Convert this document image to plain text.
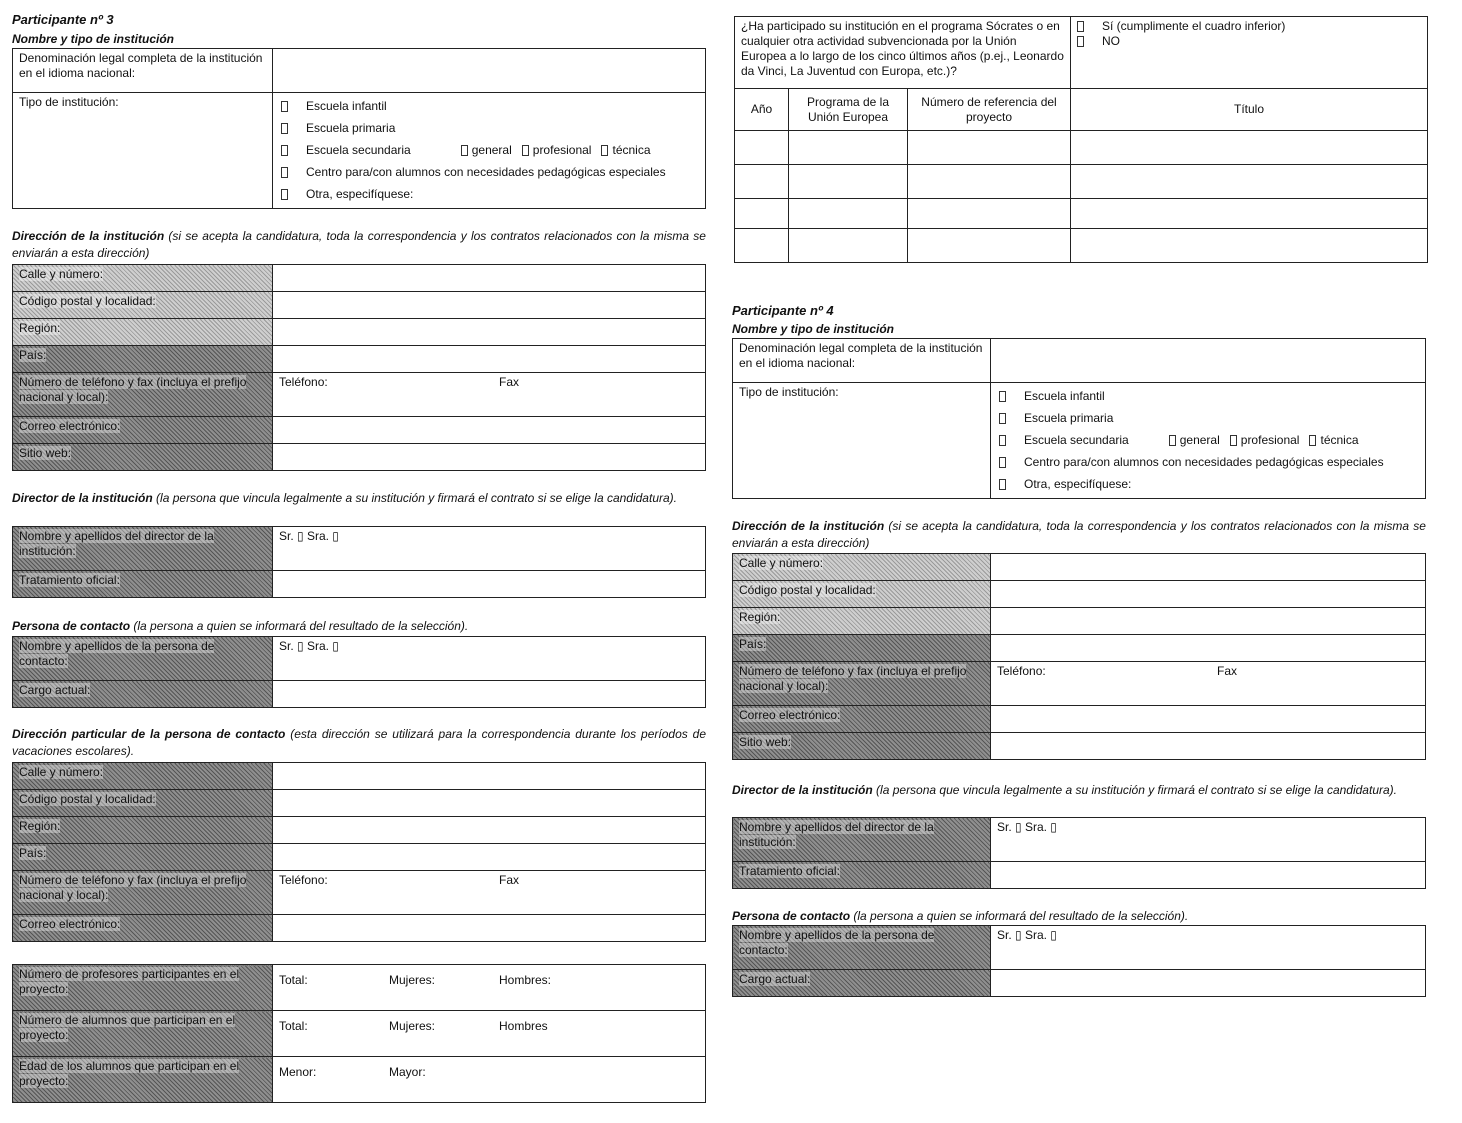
Participante nº 3
Nombre y tipo de institución
Denominación legal completa de la institución en el idioma nacional:	
Tipo de institución:	Escuela infantil
Escuela primaria
Escuela secundaria general profesional técnica
Centro para/con alumnos con necesidades pedagógicas especiales
Otra, especifíquese:
Dirección de la institución (si se acepta la candidatura, toda la correspondencia y los contratos relacionados con la misma se enviarán a esta dirección)
Calle y número:	
Código postal y localidad:	
Región:	
País:	
Número de teléfono y fax (incluya el prefijo nacional y local):	Teléfono: Fax
Correo electrónico:	
Sitio web:	
Director de la institución (la persona que vincula legalmente a su institución y firmará el contrato si se elige la candidatura).
Nombre y apellidos del director de la institución:	Sr. ▯ Sra. ▯
Tratamiento oficial:	
Persona de contacto (la persona a quien se informará del resultado de la selección).
Nombre y apellidos de la persona de contacto:	Sr. ▯ Sra. ▯
Cargo actual:	
Dirección particular de la persona de contacto (esta dirección se utilizará para la correspondencia durante los períodos de vacaciones escolares).
Calle y número:	
Código postal y localidad:	
Región:	
País:	
Número de teléfono y fax (incluya el prefijo nacional y local):	Teléfono: Fax
Correo electrónico:	
Número de profesores participantes en el proyecto:	Total: Mujeres: Hombres:
Número de alumnos que participan en el proyecto:	Total: Mujeres: Hombres
Edad de los alumnos que participan en el proyecto:	Menor: Mayor:
¿Ha participado su institución en el programa Sócrates o en cualquier otra actividad subvencionada por la Unión Europea a lo largo de los cinco últimos años (p.ej., Leonardo da Vinci, La Juventud con Europa, etc.)?	
Sí (cumplimente el cuadro inferior)
NO
Año	Programa de la Unión Europea	Número de referencia del proyecto	Título

Participante nº 4
Nombre y tipo de institución
Denominación legal completa de la institución en el idioma nacional:	
Tipo de institución:	Escuela infantil
Escuela primaria
Escuela secundaria general profesional técnica
Centro para/con alumnos con necesidades pedagógicas especiales
Otra, especifíquese:
Dirección de la institución (si se acepta la candidatura, toda la correspondencia y los contratos relacionados con la misma se enviarán a esta dirección)
Calle y número:	
Código postal y localidad:	
Región:	
País:	
Número de teléfono y fax (incluya el prefijo nacional y local):	Teléfono: Fax
Correo electrónico:	
Sitio web:	
Director de la institución (la persona que vincula legalmente a su institución y firmará el contrato si se elige la candidatura).
Nombre y apellidos del director de la institución:	Sr. ▯ Sra. ▯
Tratamiento oficial:	
Persona de contacto (la persona a quien se informará del resultado de la selección).
Nombre y apellidos de la persona de contacto:	Sr. ▯ Sra. ▯
Cargo actual:	
